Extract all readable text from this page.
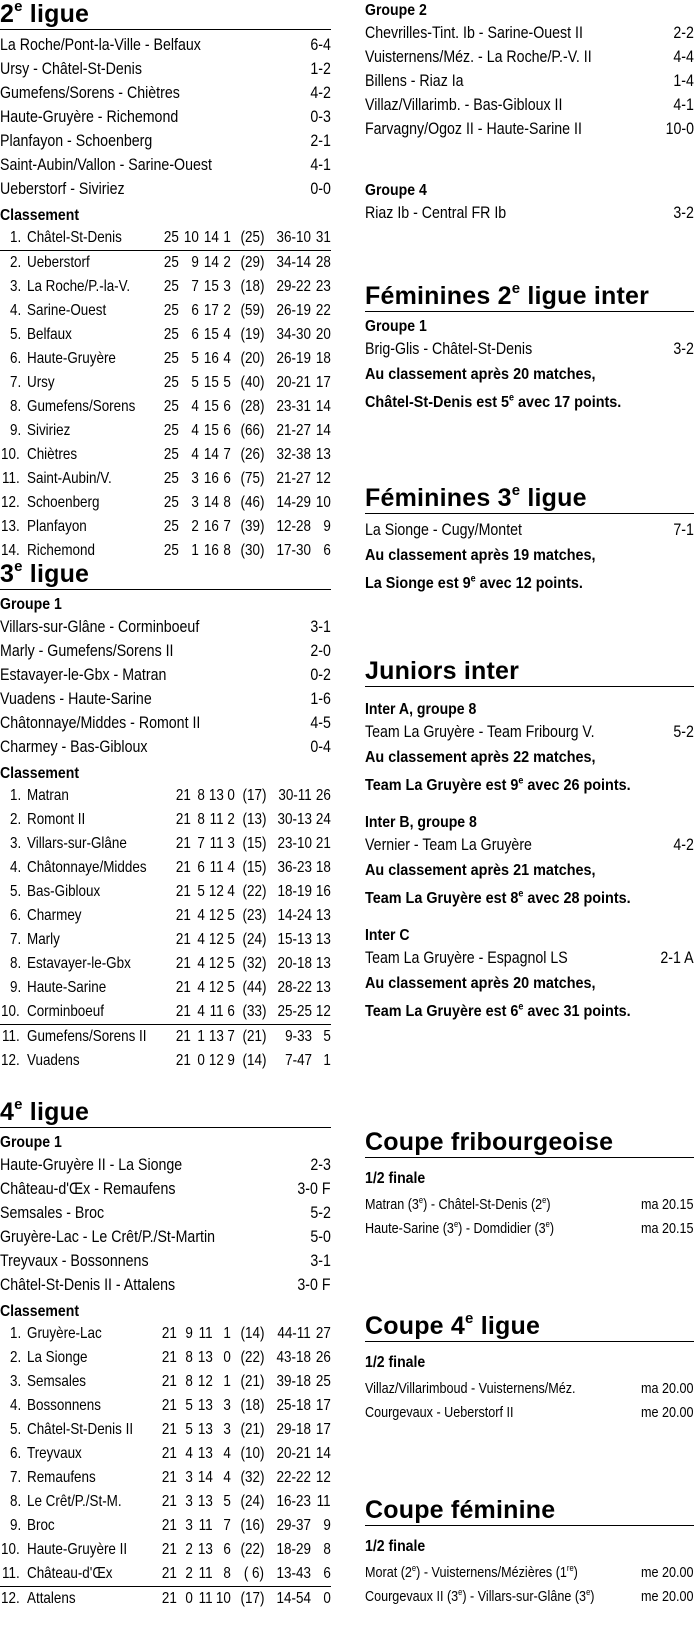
2e ligue
La Roche/Pont-la-Ville - Belfaux	6-4
Ursy - Châtel-St-Denis	1-2
Gumefens/Sorens - Chiètres	4-2
Haute-Gruyère - Richemond	0-3
Planfayon - Schoenberg	2-1
Saint-Aubin/Vallon - Sarine-Ouest	4-1
Ueberstorf - Siviriez	0-0
Classement
1.	Châtel-St-Denis	25	10	14	1	(25)	36-10	31
2.	Ueberstorf	25	9	14	2	(29)	34-14	28
3.	La Roche/P.-la-V.	25	7	15	3	(18)	29-22	23
4.	Sarine-Ouest	25	6	17	2	(59)	26-19	22
5.	Belfaux	25	6	15	4	(19)	34-30	20
6.	Haute-Gruyère	25	5	16	4	(20)	26-19	18
7.	Ursy	25	5	15	5	(40)	20-21	17
8.	Gumefens/Sorens	25	4	15	6	(28)	23-31	14
9.	Siviriez	25	4	15	6	(66)	21-27	14
10.	Chiètres	25	4	14	7	(26)	32-38	13
11.	Saint-Aubin/V.	25	3	16	6	(75)	21-27	12
12.	Schoenberg	25	3	14	8	(46)	14-29	10
13.	Planfayon	25	2	16	7	(39)	12-28	9
14.	Richemond	25	1	16	8	(30)	17-30	6
3e ligue
Groupe 1
Villars-sur-Glâne - Corminboeuf	3-1
Marly - Gumefens/Sorens II	2-0
Estavayer-le-Gbx - Matran	0-2
Vuadens - Haute-Sarine	1-6
Châtonnaye/Middes - Romont II	4-5
Charmey - Bas-Gibloux	0-4
Classement
1.	Matran	21	8	13	0	(17)	30-11	26
2.	Romont II	21	8	11	2	(13)	30-13	24
3.	Villars-sur-Glâne	21	7	11	3	(15)	23-10	21
4.	Châtonnaye/Middes	21	6	11	4	(15)	36-23	18
5.	Bas-Gibloux	21	5	12	4	(22)	18-19	16
6.	Charmey	21	4	12	5	(23)	14-24	13
7.	Marly	21	4	12	5	(24)	15-13	13
8.	Estavayer-le-Gbx	21	4	12	5	(32)	20-18	13
9.	Haute-Sarine	21	4	12	5	(44)	28-22	13
10.	Corminboeuf	21	4	11	6	(33)	25-25	12
11.	Gumefens/Sorens II	21	1	13	7	(21)	9-33	5
12.	Vuadens	21	0	12	9	(14)	7-47	1
4e ligue
Groupe 1
Haute-Gruyère II - La Sionge	2-3
Château-d'Œx - Remaufens	3-0 F
Semsales - Broc	5-2
Gruyère-Lac - Le Crêt/P./St-Martin	5-0
Treyvaux - Bossonnens	3-1
Châtel-St-Denis II - Attalens	3-0 F
Classement
1.	Gruyère-Lac	21	9	11	1	(14)	44-11	27
2.	La Sionge	21	8	13	0	(22)	43-18	26
3.	Semsales	21	8	12	1	(21)	39-18	25
4.	Bossonnens	21	5	13	3	(18)	25-18	17
5.	Châtel-St-Denis II	21	5	13	3	(21)	29-18	17
6.	Treyvaux	21	4	13	4	(10)	20-21	14
7.	Remaufens	21	3	14	4	(32)	22-22	12
8.	Le Crêt/P./St-M.	21	3	13	5	(24)	16-23	11
9.	Broc	21	3	11	7	(16)	29-37	9
10.	Haute-Gruyère II	21	2	13	6	(22)	18-29	8
11.	Château-d'Œx	21	2	11	8	( 6)	13-43	6
12.	Attalens	21	0	11	10	(17)	14-54	0
Groupe 2
Chevrilles-Tint. Ib - Sarine-Ouest II	2-2
Vuisternens/Méz. - La Roche/P.-V. II	4-4
Billens - Riaz Ia	1-4
Villaz/Villarimb. - Bas-Gibloux II	4-1
Farvagny/Ogoz II - Haute-Sarine II	10-0
Groupe 4
Riaz Ib - Central FR Ib	3-2
Féminines 2e ligue inter
Groupe 1
Brig-Glis - Châtel-St-Denis	3-2
Au classement après 20 matches,
Châtel-St-Denis est 5e avec 17 points.
Féminines 3e ligue
La Sionge - Cugy/Montet	7-1
Au classement après 19 matches,
La Sionge est 9e avec 12 points.
Juniors inter
Inter A, groupe 8
Team La Gruyère - Team Fribourg V.	5-2
Au classement après 22 matches,
Team La Gruyère est 9e avec 26 points.
Inter B, groupe 8
Vernier - Team La Gruyère	4-2
Au classement après 21 matches,
Team La Gruyère est 8e avec 28 points.
Inter C
Team La Gruyère - Espagnol LS	2-1 A
Au classement après 20 matches,
Team La Gruyère est 6e avec 31 points.
Coupe fribourgeoise
1/2 finale
Matran (3e) - Châtel-St-Denis (2e)	ma 20.15
Haute-Sarine (3e) - Domdidier (3e)	ma 20.15
Coupe 4e ligue
1/2 finale
Villaz/Villarimboud - Vuisternens/Méz.	ma 20.00
Courgevaux - Ueberstorf II	me 20.00
Coupe féminine
1/2 finale
Morat (2e) - Vuisternens/Mézières (1re)	me 20.00
Courgevaux II (3e) - Villars-sur-Glâne (3e)	me 20.00
